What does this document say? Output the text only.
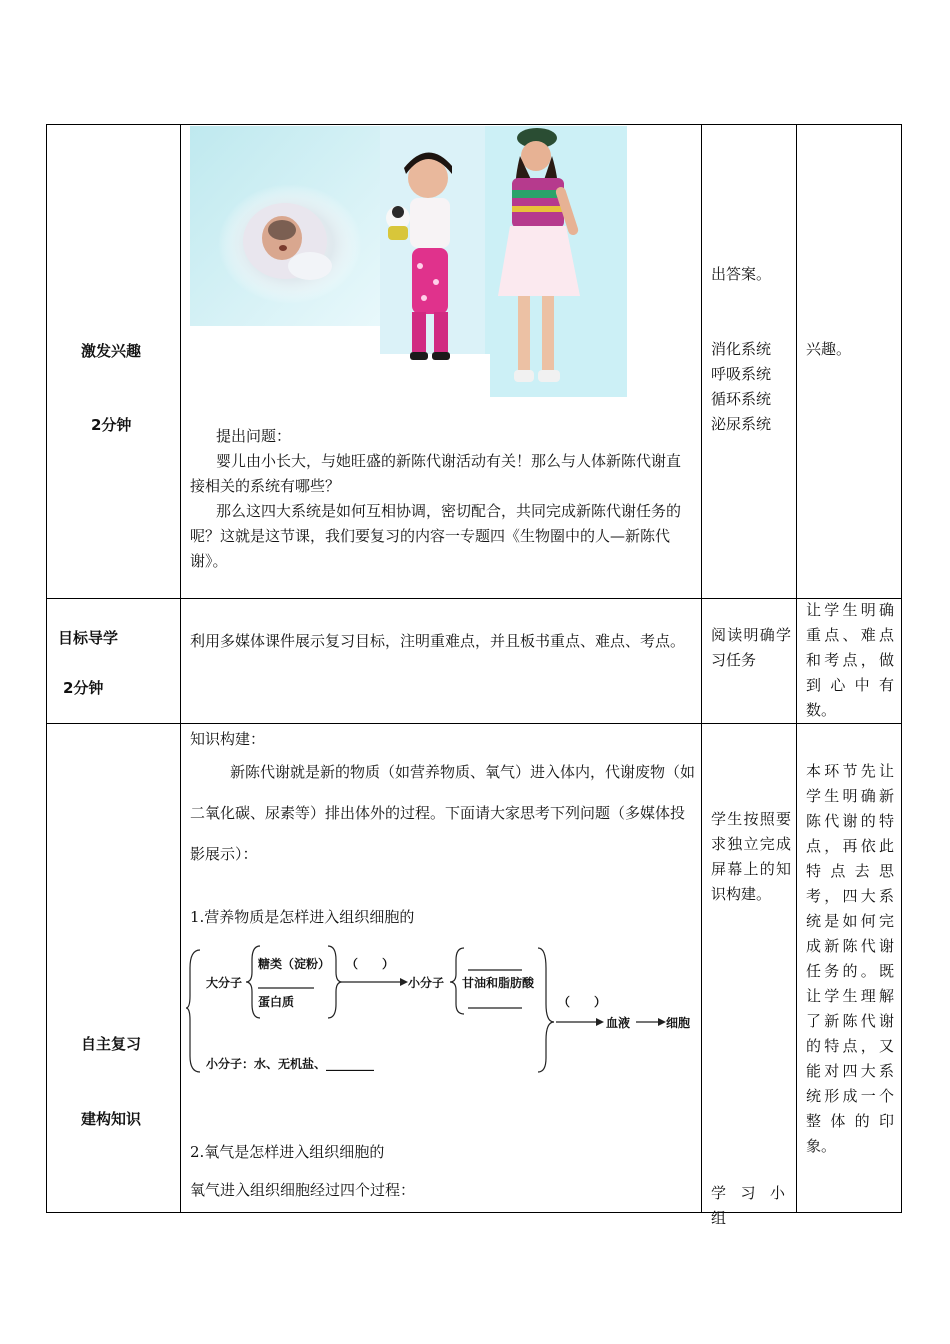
激发兴趣
2分钟
提出问题：
婴儿由小长大，与她旺盛的新陈代谢活动有关！那么与人体新陈代谢直接相关的系统有哪些？
那么这四大系统是如何互相协调，密切配合，共同完成新陈代谢任务的呢？这就是这节课，我们要复习的内容一专题四《生物圈中的人—新陈代谢》。
出答案。
消化系统
呼吸系统
循环系统
泌尿系统
兴趣。
目标导学
2分钟
利用多媒体课件展示复习目标，注明重难点，并且板书重点、难点、考点。	阅读明确学习任务
让学生明确重点、难点和考点，做到心中有数。
自主复习
建构知识
知识构建：
新陈代谢就是新的物质（如营养物质、氧气）进入体内，代谢废物（如二氧化碳、尿素等）排出体外的过程。下面请大家思考下列问题（多媒体投影展示）：
1.营养物质是怎样进入组织细胞的
大分子
糖类（淀粉）
蛋白质
（　　）
小分子 甘油和脂肪酸
（　　）
血液	细胞
小分子：水、无机盐、________
2.氧气是怎样进入组织细胞的
氧气进入组织细胞经过四个过程：
学生按照要求独立完成屏幕上的知识构建。
学习小组
本环节先让学生明确新陈代谢的特点，再依此特点去思考，四大系统是如何完成新陈代谢任务的。既让学生理解了新陈代谢的特点，又能对四大系统形成一个整体的印象。
